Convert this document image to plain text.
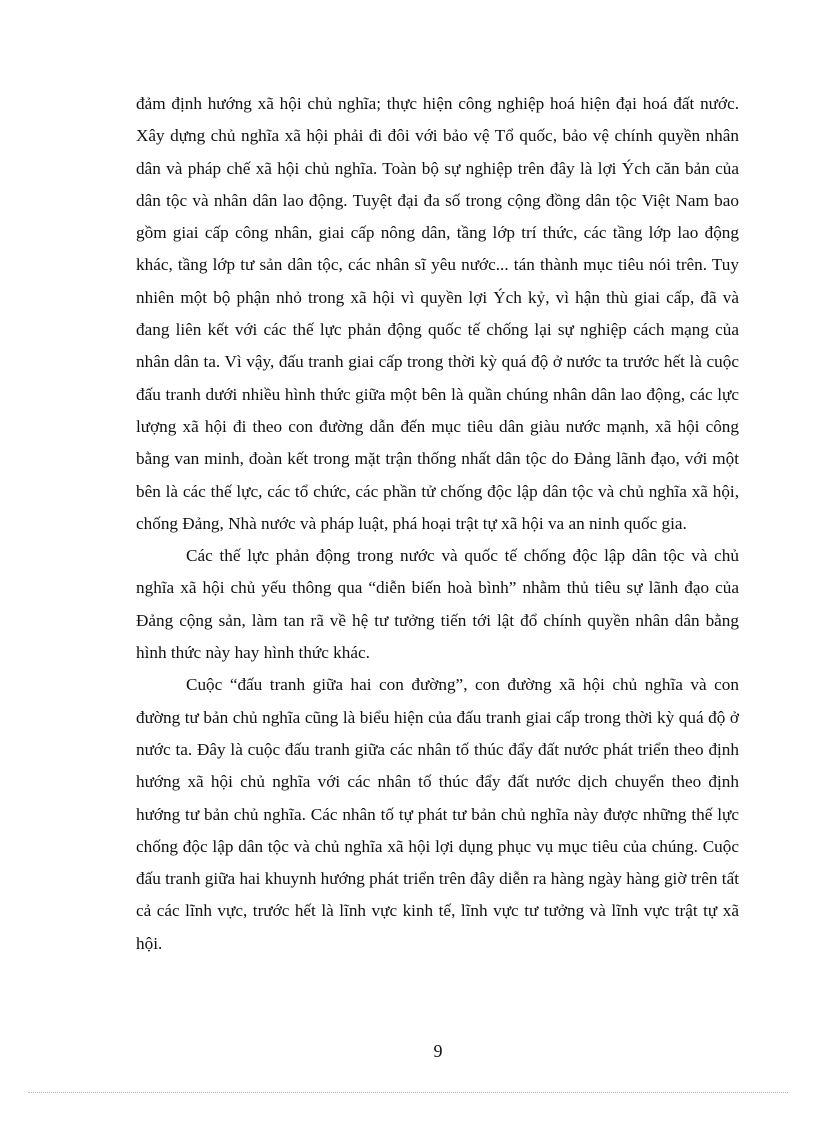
đảm định hướng xã hội chủ nghĩa; thực hiện công nghiệp hoá hiện đại hoá đất nước. Xây dựng chủ nghĩa xã hội phải đi đôi với bảo vệ Tổ quốc, bảo vệ chính quyền nhân dân và pháp chế xã hội chủ nghĩa. Toàn bộ sự nghiệp trên đây là lợi Ých căn bản của dân tộc và nhân dân lao động. Tuyệt đại đa số trong cộng đồng dân tộc Việt Nam bao gồm giai cấp công nhân, giai cấp nông dân, tầng lớp trí thức, các tầng lớp lao động khác, tầng lớp tư sản dân tộc, các nhân sĩ yêu nước... tán thành mục tiêu nói trên. Tuy nhiên một bộ phận nhỏ trong xã hội vì quyền lợi Ých kỷ, vì hận thù giai cấp, đã và đang liên kết với các thế lực phản động quốc tế chống lại sự nghiệp cách mạng của nhân dân ta. Vì vậy, đấu tranh giai cấp trong thời kỳ quá độ ở nước ta trước hết là cuộc đấu tranh dưới nhiều hình thức giữa một bên là quần chúng nhân dân lao động, các lực lượng xã hội đi theo con đường dẫn đến mục tiêu dân giàu nước mạnh, xã hội công bằng van minh, đoàn kết trong mặt trận thống nhất dân tộc do Đảng lãnh đạo, với một bên là các thế lực, các tổ chức, các phần tử chống độc lập dân tộc và chủ nghĩa xã hội, chống Đảng, Nhà nước và pháp luật, phá hoại trật tự xã hội va an ninh quốc gia.

Các thế lực phản động trong nước và quốc tế chống độc lập dân tộc và chủ nghĩa xã hội chủ yếu thông qua “diễn biến hoà bình” nhằm thủ tiêu sự lãnh đạo của Đảng cộng sản, làm tan rã về hệ tư tưởng tiến tới lật đổ chính quyền nhân dân bằng hình thức này hay hình thức khác.

Cuộc “đấu tranh giữa hai con đường”, con đường xã hội chủ nghĩa và con đường tư bản chủ nghĩa cũng là biểu hiện của đấu tranh giai cấp trong thời kỳ quá độ ở nước ta. Đây là cuộc đấu tranh giữa các nhân tố thúc đẩy đất nước phát triển theo định hướng xã hội chủ nghĩa với các nhân tố thúc đẩy đất nước dịch chuyển theo định hướng tư bản chủ nghĩa. Các nhân tố tự phát tư bản chủ nghĩa này được những thế lực chống độc lập dân tộc và chủ nghĩa xã hội lợi dụng phục vụ mục tiêu của chúng. Cuộc đấu tranh giữa hai khuynh hướng phát triển trên đây diễn ra hàng ngày hàng giờ trên tất cả các lĩnh vực, trước hết là lĩnh vực kinh tế, lĩnh vực tư tưởng và lĩnh vực trật tự xã hội.

9
